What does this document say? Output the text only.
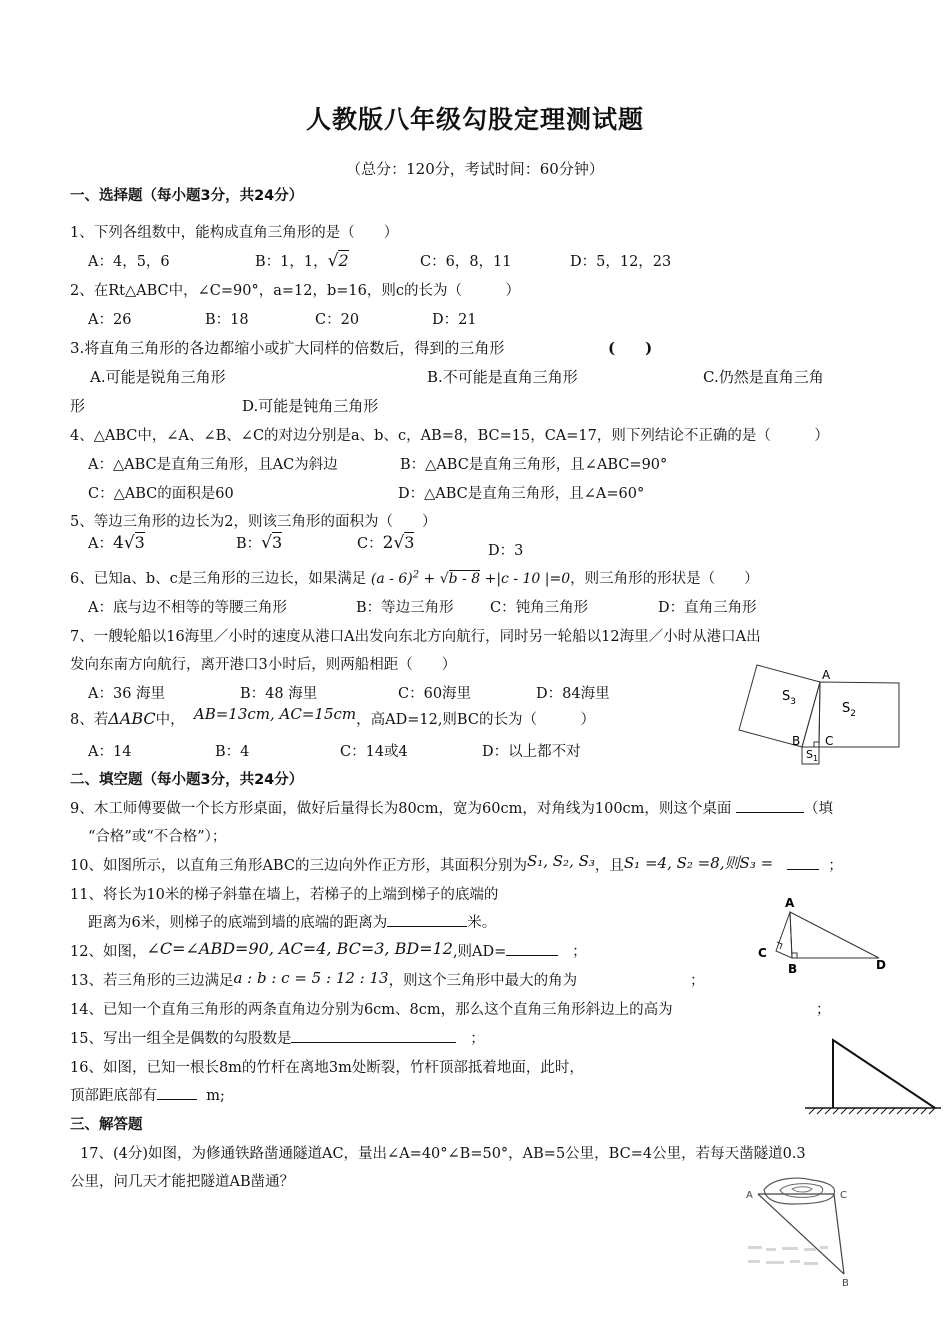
人教版八年级勾股定理测试题
（总分：120分，考试时间：60分钟）
一、选择题（每小题3分，共24分）
1、下列各组数中，能构成直角三角形的是（　　）
A：4，5，6	B：1，1，√2	C：6，8，11	D：5，12，23
2、在Rt△ABC中，∠C=90°，a=12，b=16，则c的长为（　　　）
A：26	B：18	C：20	D：21
3.将直角三角形的各边都缩小或扩大同样的倍数后，得到的三角形	(　　)
A.可能是锐角三角形	B.不可能是直角三角形	C.仍然是直角三角
形	D.可能是钝角三角形
4、△ABC中，∠A、∠B、∠C的对边分别是a、b、c，AB=8，BC=15，CA=17，则下列结论不正确的是（　　　）
A：△ABC是直角三角形，且AC为斜边	B：△ABC是直角三角形，且∠ABC=90°
C：△ABC的面积是60	D：△ABC是直角三角形，且∠A=60°
5、等边三角形的边长为2，则该三角形的面积为（　　）
A：4√3	B：√3	C：2√3	D：3
6、已知a、b、c是三角形的三边长，如果满足 (a - 6)$^2$ + √b - 8 +|c - 10 |=0，则三角形的形状是（　　）
A：底与边不相等的等腰三角形	B：等边三角形	C：钝角三角形	D：直角三角形
7、一艘轮船以16海里／小时的速度从港口A出发向东北方向航行，同时另一轮船以12海里／小时从港口A出
发向东南方向航行，离开港口3小时后，则两船相距（　　）
A：36 海里	B：48 海里	C：60海里	D：84海里
8、若ΔABC中， AB=13cm, AC=15cm，高AD=12,则BC的长为（　　　）
A：14	B：4	C：14或4	D：以上都不对
二、填空题（每小题3分，共24分）
9、木工师傅要做一个长方形桌面，做好后量得长为80cm，宽为60cm，对角线为100cm，则这个桌面	（填
“合格”或“不合格”）；
10、如图所示，以直角三角形ABC的三边向外作正方形，其面积分别为S₁, S₂, S₃，且S₁ =4, S₂ =8,则S₃ =	；
11、将长为10米的梯子斜靠在墙上，若梯子的上端到梯子的底端的
距离为6米，则梯子的底端到墙的底端的距离为	米。
12、如图，∠C=∠ABD=90, AC=4, BC=3, BD=12,则AD=	；
13、若三角形的三边满足a : b : c = 5 : 12 : 13，则这个三角形中最大的角为	；
14、已知一个直角三角形的两条直角边分别为6cm、8cm，那么这个直角三角形斜边上的高为	；
15、写出一组全是偶数的勾股数是	；
16、如图，已知一根长8m的竹杆在离地3m处断裂，竹杆顶部抵着地面，此时，
顶部距底部有	m;
三、解答题
17、(4分)如图，为修通铁路凿通隧道AC，量出∠A=40°∠B=50°，AB=5公里，BC=4公里，若每天凿隧道0.3
公里，问几天才能把隧道AB凿通？
A
B C
$S_3$	$S_2$
$S_1$
A
C
B	D
A	C
B
